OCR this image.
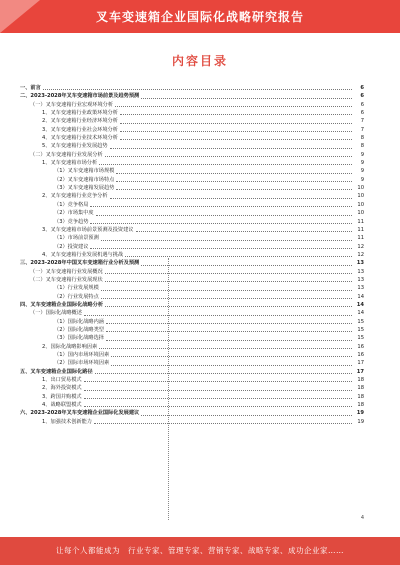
叉车变速箱企业国际化战略研究报告
内容目录
一、前言	6
二、2023-2028年叉车变速箱市场前景及趋势预测	6
（一）叉车变速箱行业宏观环境分析	6
1、叉车变速箱行业政策环境分析	6
2、叉车变速箱行业经济环境分析	7
3、叉车变速箱行业社会环境分析	7
4、叉车变速箱行业技术环境分析	8
5、叉车变速箱行业发展趋势	8
（二）叉车变速箱行业发展分析	9
1、叉车变速箱市场分析	9
（1）叉车变速箱市场规模	9
（2）叉车变速箱市场特点	9
（3）叉车变速箱发展趋势	10
2、叉车变速箱行业竞争分析	10
（1）竞争格局	10
（2）市场集中度	10
（3）竞争趋势	11
3、叉车变速箱市场前景预测及投资建议	11
（1）市场前景预测	11
（2）投资建议	12
4、叉车变速箱行业发展机遇与挑战	12
三、2023-2028年中国叉车变速箱行业分析及预测	13
（一）叉车变速箱行业发展概况	13
（二）叉车变速箱行业发展现状	13
（1）行业发展规模	13
（2）行业发展特点	14
四、叉车变速箱企业国际化战略分析	14
（一）国际化战略概述	14
（1）国际化战略内涵	15
（2）国际化战略类型	15
（3）国际化战略选择	15
2、国际化战略影响因素	16
（1）国内市场环境因素	16
（2）国际市场环境因素	17
五、叉车变速箱企业国际化路径	17
1、出口贸易模式	18
2、海外投资模式	18
3、跨国并购模式	18
4、战略联盟模式	18
六、2023-2028年叉车变速箱企业国际化发展建议	19
1、加强技术创新能力	19
4
让每个人都能成为　行业专家、管理专家、营销专家、战略专家、成功企业家……
